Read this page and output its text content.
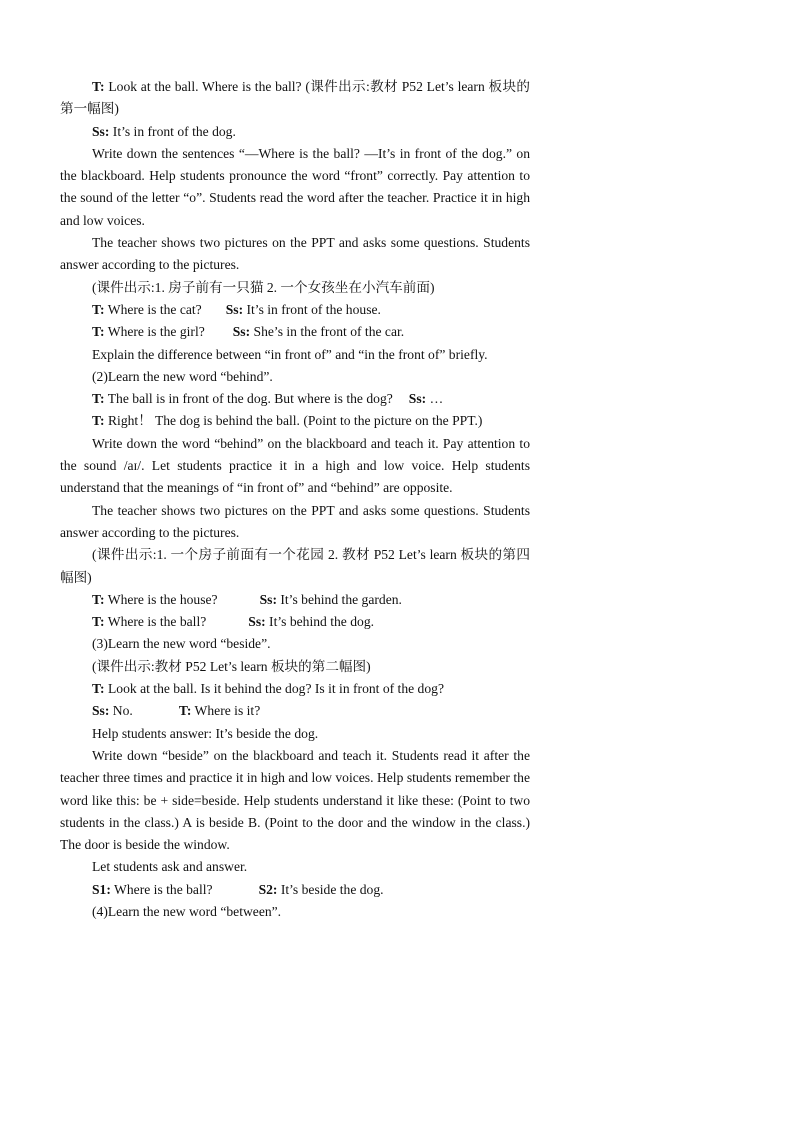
T: Look at the ball. Where is the ball? (课件出示:教材 P52 Let’s learn 板块的第一幅图)

Ss: It’s in front of the dog.

Write down the sentences “—Where is the ball? —It’s in front of the dog.” on the blackboard. Help students pronounce the word “front” correctly. Pay attention to the sound of the letter “o”. Students read the word after the teacher. Practice it in high and low voices.

The teacher shows two pictures on the PPT and asks some questions. Students answer according to the pictures.

(课件出示:1. 房子前有一只猫 2. 一个女孩坐在小汽车前面)

T: Where is the cat? Ss: It’s in front of the house.

T: Where is the girl? Ss: She’s in the front of the car.

Explain the difference between “in front of” and “in the front of” briefly.

(2)Learn the new word “behind”.

T: The ball is in front of the dog. But where is the dog? Ss: …

T: Right！ The dog is behind the ball. (Point to the picture on the PPT.)

Write down the word “behind” on the blackboard and teach it. Pay attention to the sound /aɪ/. Let students practice it in a high and low voice. Help students understand that the meanings of “in front of” and “behind” are opposite.

The teacher shows two pictures on the PPT and asks some questions. Students answer according to the pictures.

(课件出示:1. 一个房子前面有一个花园 2. 教材 P52 Let’s learn 板块的第四幅图)

T: Where is the house?	Ss: It’s behind the garden.

T: Where is the ball?	Ss: It’s behind the dog.

(3)Learn the new word “beside”.

(课件出示:教材 P52 Let’s learn 板块的第二幅图)

T: Look at the ball. Is it behind the dog? Is it in front of the dog?

Ss: No.	T: Where is it?

Help students answer: It’s beside the dog.

Write down “beside” on the blackboard and teach it. Students read it after the teacher three times and practice it in high and low voices. Help students remember the word like this: be + side=beside. Help students understand it like these: (Point to two students in the class.) A is beside B. (Point to the door and the window in the class.) The door is beside the window.

Let students ask and answer.

S1: Where is the ball?	S2: It’s beside the dog.

(4)Learn the new word “between”.
